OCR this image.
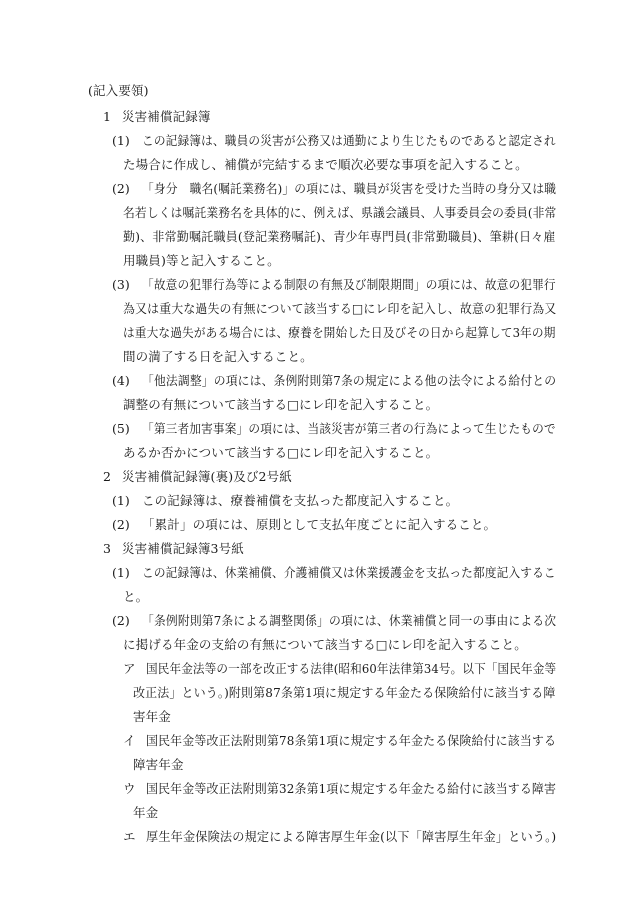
(記入要領)
1 災害補償記録簿
(1) この記録簿は、職員の災害が公務又は通勤により生じたものであると認定され
た場合に作成し、補償が完結するまで順次必要な事項を記入すること。
(2) 「身分　職名(嘱託業務名)」の項には、職員が災害を受けた当時の身分又は職
名若しくは嘱託業務名を具体的に、例えば、県議会議員、人事委員会の委員(非常
勤)、非常勤嘱託職員(登記業務嘱託)、青少年専門員(非常勤職員)、筆耕(日々雇
用職員)等と記入すること。
(3) 「故意の犯罪行為等による制限の有無及び制限期間」の項には、故意の犯罪行
為又は重大な過失の有無について該当する□にレ印を記入し、故意の犯罪行為又
は重大な過失がある場合には、療養を開始した日及びその日から起算して3年の期
間の満了する日を記入すること。
(4) 「他法調整」の項には、条例附則第7条の規定による他の法令による給付との
調整の有無について該当する□にレ印を記入すること。
(5) 「第三者加害事案」の項には、当該災害が第三者の行為によって生じたもので
あるか否かについて該当する□にレ印を記入すること。
2 災害補償記録簿(裏)及び2号紙
(1) この記録簿は、療養補償を支払った都度記入すること。
(2) 「累計」の項には、原則として支払年度ごとに記入すること。
3 災害補償記録簿3号紙
(1) この記録簿は、休業補償、介護補償又は休業援護金を支払った都度記入するこ
と。
(2) 「条例附則第7条による調整関係」の項には、休業補償と同一の事由による次
に掲げる年金の支給の有無について該当する□にレ印を記入すること。
ア 国民年金法等の一部を改正する法律(昭和60年法律第34号。以下「国民年金等
改正法」という。)附則第87条第1項に規定する年金たる保険給付に該当する障
害年金
イ 国民年金等改正法附則第78条第1項に規定する年金たる保険給付に該当する
障害年金
ウ 国民年金等改正法附則第32条第1項に規定する年金たる給付に該当する障害
年金
エ 厚生年金保険法の規定による障害厚生年金(以下「障害厚生年金」という。)
